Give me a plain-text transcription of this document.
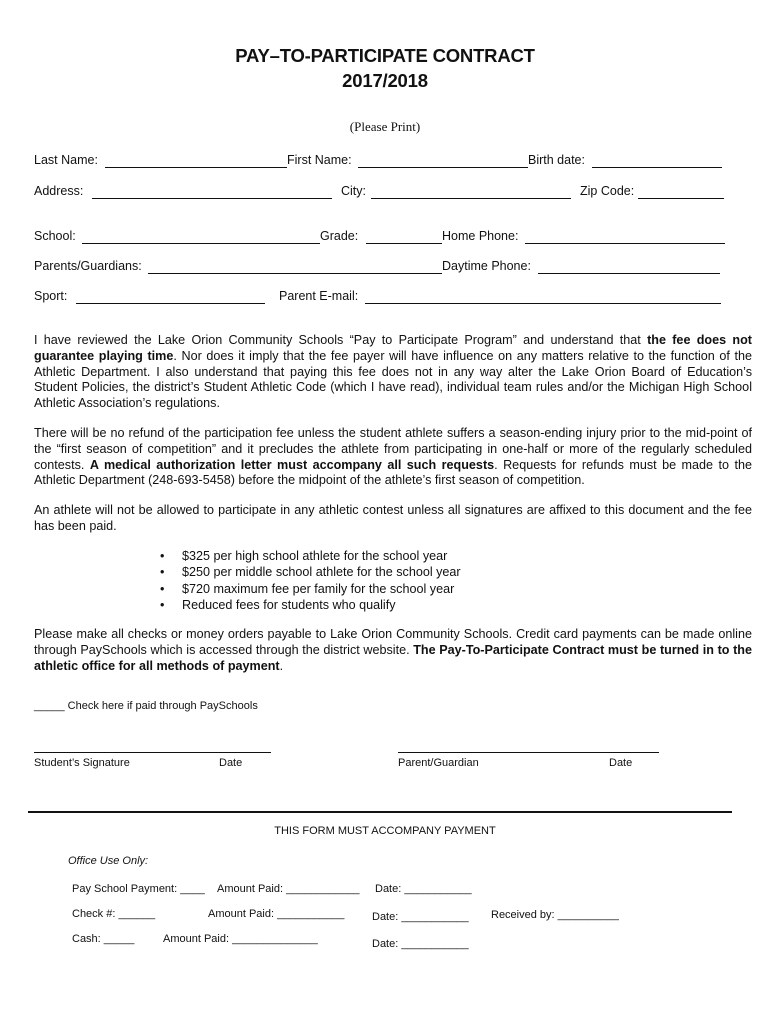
PAY–TO-PARTICIPATE CONTRACT
2017/2018
(Please Print)
Last Name:	First Name:	Birth date:
Address:	City:	Zip Code:
School:	Grade:	Home Phone:
Parents/Guardians:	Daytime Phone:
Sport:	Parent E-mail:
I have reviewed the Lake Orion Community Schools “Pay to Participate Program” and understand that the fee does not guarantee playing time. Nor does it imply that the fee payer will have influence on any matters relative to the function of the Athletic Department. I also understand that paying this fee does not in any way alter the Lake Orion Board of Education’s Student Policies, the district’s Student Athletic Code (which I have read), individual team rules and/or the Michigan High School Athletic Association’s regulations.
There will be no refund of the participation fee unless the student athlete suffers a season-ending injury prior to the mid-point of the “first season of competition” and it precludes the athlete from participating in one-half or more of the regularly scheduled contests. A medical authorization letter must accompany all such requests. Requests for refunds must be made to the Athletic Department (248-693-5458) before the midpoint of the athlete’s first season of competition.
An athlete will not be allowed to participate in any athletic contest unless all signatures are affixed to this document and the fee has been paid.
• $325 per high school athlete for the school year
• $250 per middle school athlete for the school year
• $720 maximum fee per family for the school year
• Reduced fees for students who qualify
Please make all checks or money orders payable to Lake Orion Community Schools. Credit card payments can be made online through PaySchools which is accessed through the district website. The Pay-To-Participate Contract must be turned in to the athletic office for all methods of payment.
_____ Check here if paid through PaySchools
Student’s Signature	Date	Parent/Guardian	Date
THIS FORM MUST ACCOMPANY PAYMENT
Office Use Only:
Pay School Payment: ____ Amount Paid: ____________ Date: ___________
Check #: ______	Amount Paid: ___________	Date: ___________ Received by: __________
Cash: _____	Amount Paid: ______________	Date: ___________
